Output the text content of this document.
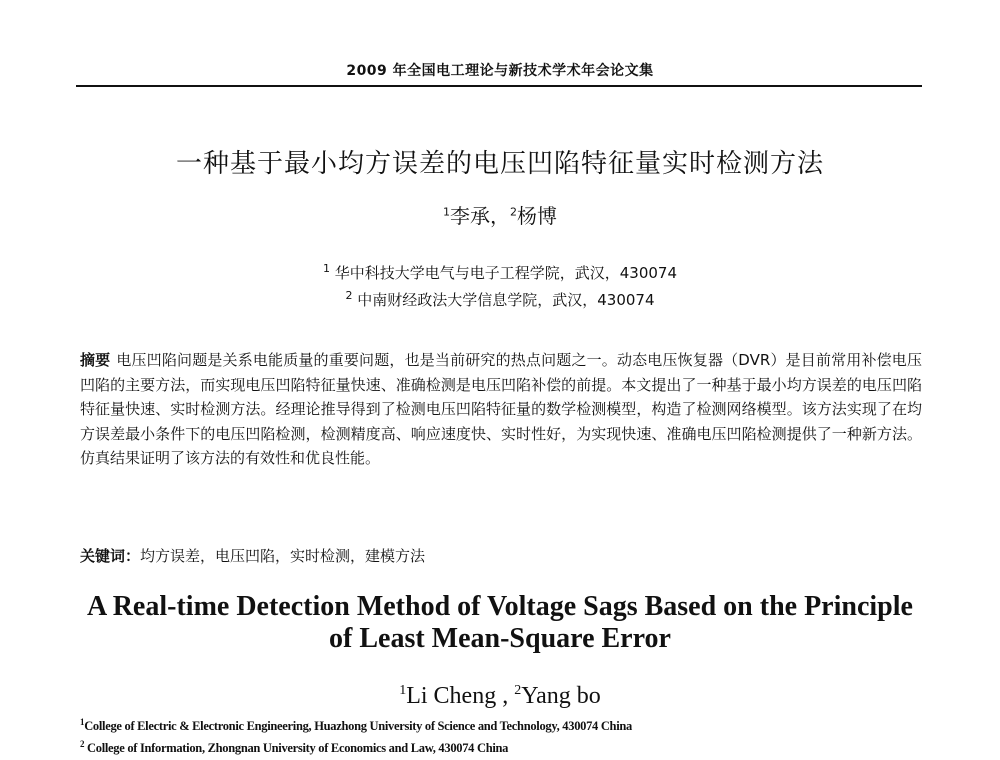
2009 年全国电工理论与新技术学术年会论文集
一种基于最小均方误差的电压凹陷特征量实时检测方法
$^1$李承，$^2$杨博
$^1$ 华中科技大学电气与电子工程学院，武汉，430074
$^2$ 中南财经政法大学信息学院，武汉，430074
摘要 电压凹陷问题是关系电能质量的重要问题，也是当前研究的热点问题之一。动态电压恢复器（DVR）是目前常用补偿电压凹陷的主要方法，而实现电压凹陷特征量快速、准确检测是电压凹陷补偿的前提。本文提出了一种基于最小均方误差的电压凹陷特征量快速、实时检测方法。经理论推导得到了检测电压凹陷特征量的数学检测模型，构造了检测网络模型。该方法实现了在均方误差最小条件下的电压凹陷检测，检测精度高、响应速度快、实时性好，为实现快速、准确电压凹陷检测提供了一种新方法。仿真结果证明了该方法的有效性和优良性能。
关键词：均方误差，电压凹陷，实时检测，建模方法
A Real-time Detection Method of Voltage Sags Based on the Principle
of Least Mean-Square Error
$^1$Li Cheng , $^2$Yang bo
$^1$College of Electric & Electronic Engineering, Huazhong University of Science and Technology, 430074 China
$^2$ College of Information, Zhongnan University of Economics and Law, 430074 China
